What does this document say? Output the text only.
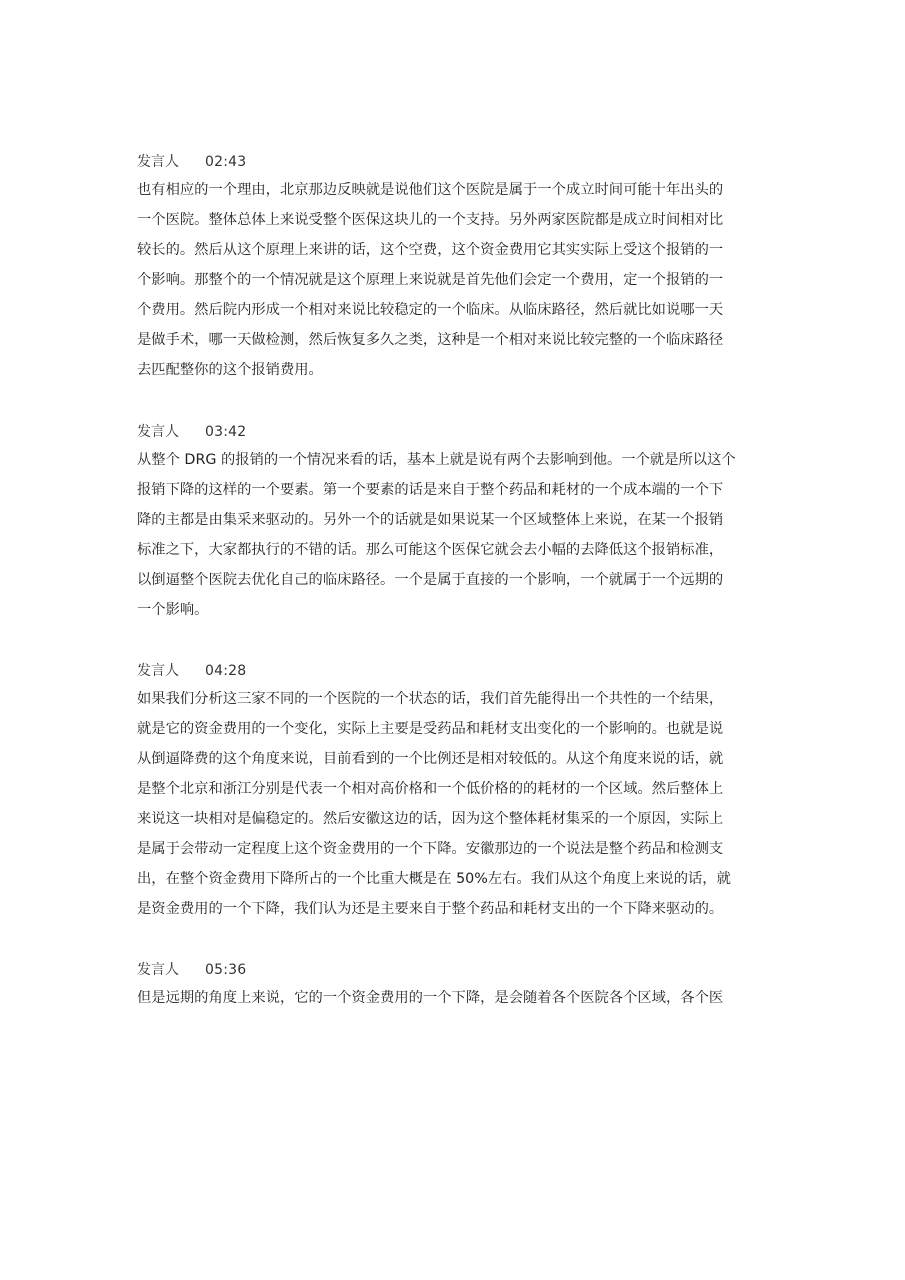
发言人 02:43
也有相应的一个理由，北京那边反映就是说他们这个医院是属于一个成立时间可能十年出头的
一个医院。整体总体上来说受整个医保这块儿的一个支持。另外两家医院都是成立时间相对比
较长的。然后从这个原理上来讲的话，这个空费，这个资金费用它其实实际上受这个报销的一
个影响。那整个的一个情况就是这个原理上来说就是首先他们会定一个费用，定一个报销的一
个费用。然后院内形成一个相对来说比较稳定的一个临床。从临床路径，然后就比如说哪一天
是做手术，哪一天做检测，然后恢复多久之类，这种是一个相对来说比较完整的一个临床路径
去匹配整你的这个报销费用。
发言人 03:42
从整个 DRG 的报销的一个情况来看的话，基本上就是说有两个去影响到他。一个就是所以这个
报销下降的这样的一个要素。第一个要素的话是来自于整个药品和耗材的一个成本端的一个下
降的主都是由集采来驱动的。另外一个的话就是如果说某一个区域整体上来说，在某一个报销
标准之下，大家都执行的不错的话。那么可能这个医保它就会去小幅的去降低这个报销标准，
以倒逼整个医院去优化自己的临床路径。一个是属于直接的一个影响，一个就属于一个远期的
一个影响。
发言人 04:28
如果我们分析这三家不同的一个医院的一个状态的话，我们首先能得出一个共性的一个结果，
就是它的资金费用的一个变化，实际上主要是受药品和耗材支出变化的一个影响的。也就是说
从倒逼降费的这个角度来说，目前看到的一个比例还是相对较低的。从这个角度来说的话，就
是整个北京和浙江分别是代表一个相对高价格和一个低价格的的耗材的一个区域。然后整体上
来说这一块相对是偏稳定的。然后安徽这边的话，因为这个整体耗材集采的一个原因，实际上
是属于会带动一定程度上这个资金费用的一个下降。安徽那边的一个说法是整个药品和检测支
出，在整个资金费用下降所占的一个比重大概是在 50%左右。我们从这个角度上来说的话，就
是资金费用的一个下降，我们认为还是主要来自于整个药品和耗材支出的一个下降来驱动的。
发言人 05:36
但是远期的角度上来说，它的一个资金费用的一个下降，是会随着各个医院各个区域，各个医
